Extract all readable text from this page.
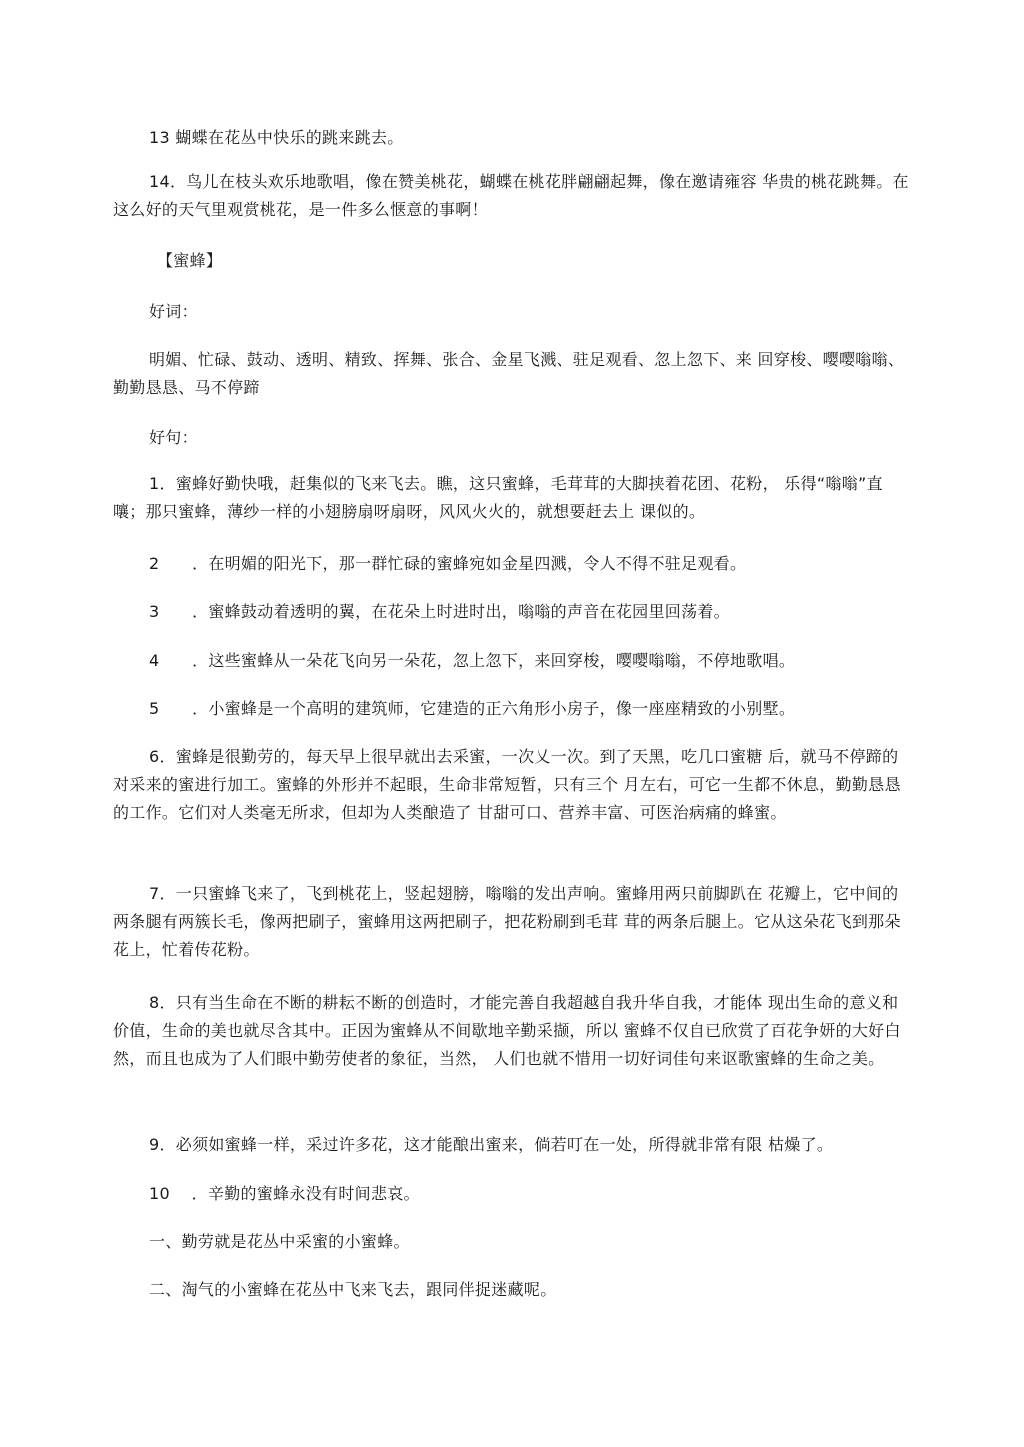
13 蝴蝶在花丛中快乐的跳来跳去。
14．鸟儿在枝头欢乐地歌唱，像在赞美桃花，蝴蝶在桃花胖翩翩起舞，像在邀请雍容 华贵的桃花跳舞。在这么好的天气里观赏桃花，是一件多么惬意的事啊！
【蜜蜂】
好词：
明媚、忙碌、鼓动、透明、精致、挥舞、张合、金星飞溅、驻足观看、忽上忽下、来 回穿梭、嘤嘤嗡嗡、勤勤恳恳、马不停蹄
好句：
1．蜜蜂好勤快哦，赶集似的飞来飞去。瞧，这只蜜蜂，毛茸茸的大脚挟着花团、花粉， 乐得“嗡嗡”直嚷；那只蜜蜂，薄纱一样的小翅膀扇呀扇呀，风风火火的，就想要赶去上 课似的。
2　　．在明媚的阳光下，那一群忙碌的蜜蜂宛如金星四溅，令人不得不驻足观看。
3　　．蜜蜂鼓动着透明的翼，在花朵上时进时出，嗡嗡的声音在花园里回荡着。
4　　．这些蜜蜂从一朵花飞向另一朵花，忽上忽下，来回穿梭，嘤嘤嗡嗡，不停地歌唱。
5　　．小蜜蜂是一个高明的建筑师，它建造的正六角形小房子，像一座座精致的小别墅。
6．蜜蜂是很勤劳的，每天早上很早就出去采蜜，一次乂一次。到了天黑，吃几口蜜糖 后，就马不停蹄的对采来的蜜进行加工。蜜蜂的外形并不起眼，生命非常短暂，只有三个 月左右，可它一生都不休息，勤勤恳恳的工作。它们对人类毫无所求，但却为人类酿造了 甘甜可口、营养丰富、可医治病痛的蜂蜜。
7．一只蜜蜂飞来了，飞到桃花上，竖起翅膀，嗡嗡的发出声响。蜜蜂用两只前脚趴在 花瓣上，它中间的两条腿有两簇长毛，像两把刷子，蜜蜂用这两把刷子，把花粉刷到毛茸 茸的两条后腿上。它从这朵花飞到那朵花上，忙着传花粉。
8．只有当生命在不断的耕耘不断的创造时，才能完善自我超越自我升华自我，才能体 现出生命的意义和价值，生命的美也就尽含其中。正因为蜜蜂从不间歇地辛勤采撷，所以 蜜蜂不仅自已欣赏了百花争妍的大好白然，而且也成为了人们眼中勤劳使者的象征，当然， 人们也就不惜用一切好词佳句来讴歌蜜蜂的生命之美。
9．必须如蜜蜂一样，采过许多花，这才能酿出蜜来，倘若叮在一处，所得就非常有限 枯燥了。
10　 ．辛勤的蜜蜂永没有时间悲哀。
一、勤劳就是花丛中采蜜的小蜜蜂。
二、淘气的小蜜蜂在花丛中飞来飞去，跟同伴捉迷藏呢。
